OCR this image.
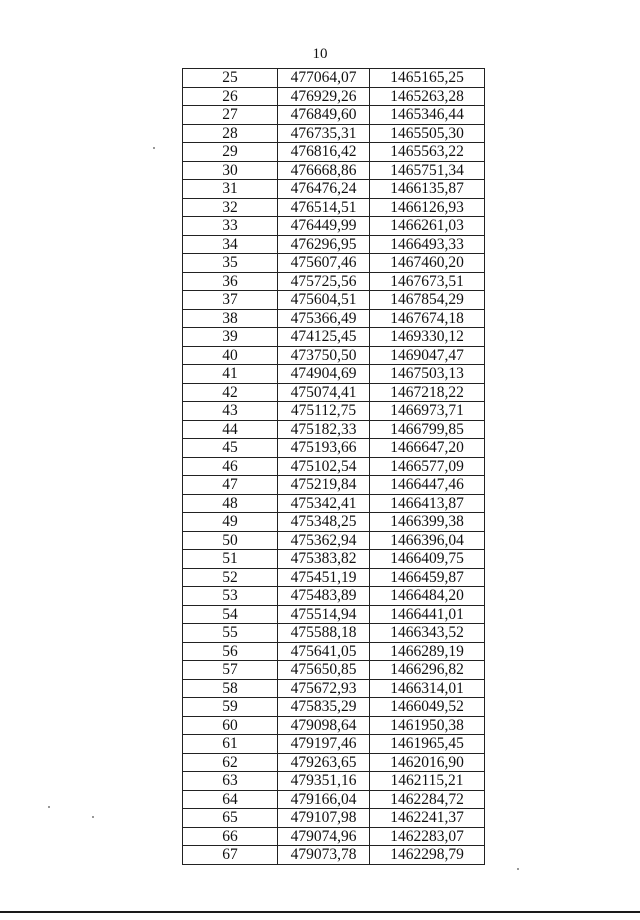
10
25	477064,07	1465165,25
26	476929,26	1465263,28
27	476849,60	1465346,44
28	476735,31	1465505,30
29	476816,42	1465563,22
30	476668,86	1465751,34
31	476476,24	1466135,87
32	476514,51	1466126,93
33	476449,99	1466261,03
34	476296,95	1466493,33
35	475607,46	1467460,20
36	475725,56	1467673,51
37	475604,51	1467854,29
38	475366,49	1467674,18
39	474125,45	1469330,12
40	473750,50	1469047,47
41	474904,69	1467503,13
42	475074,41	1467218,22
43	475112,75	1466973,71
44	475182,33	1466799,85
45	475193,66	1466647,20
46	475102,54	1466577,09
47	475219,84	1466447,46
48	475342,41	1466413,87
49	475348,25	1466399,38
50	475362,94	1466396,04
51	475383,82	1466409,75
52	475451,19	1466459,87
53	475483,89	1466484,20
54	475514,94	1466441,01
55	475588,18	1466343,52
56	475641,05	1466289,19
57	475650,85	1466296,82
58	475672,93	1466314,01
59	475835,29	1466049,52
60	479098,64	1461950,38
61	479197,46	1461965,45
62	479263,65	1462016,90
63	479351,16	1462115,21
64	479166,04	1462284,72
65	479107,98	1462241,37
66	479074,96	1462283,07
67	479073,78	1462298,79
